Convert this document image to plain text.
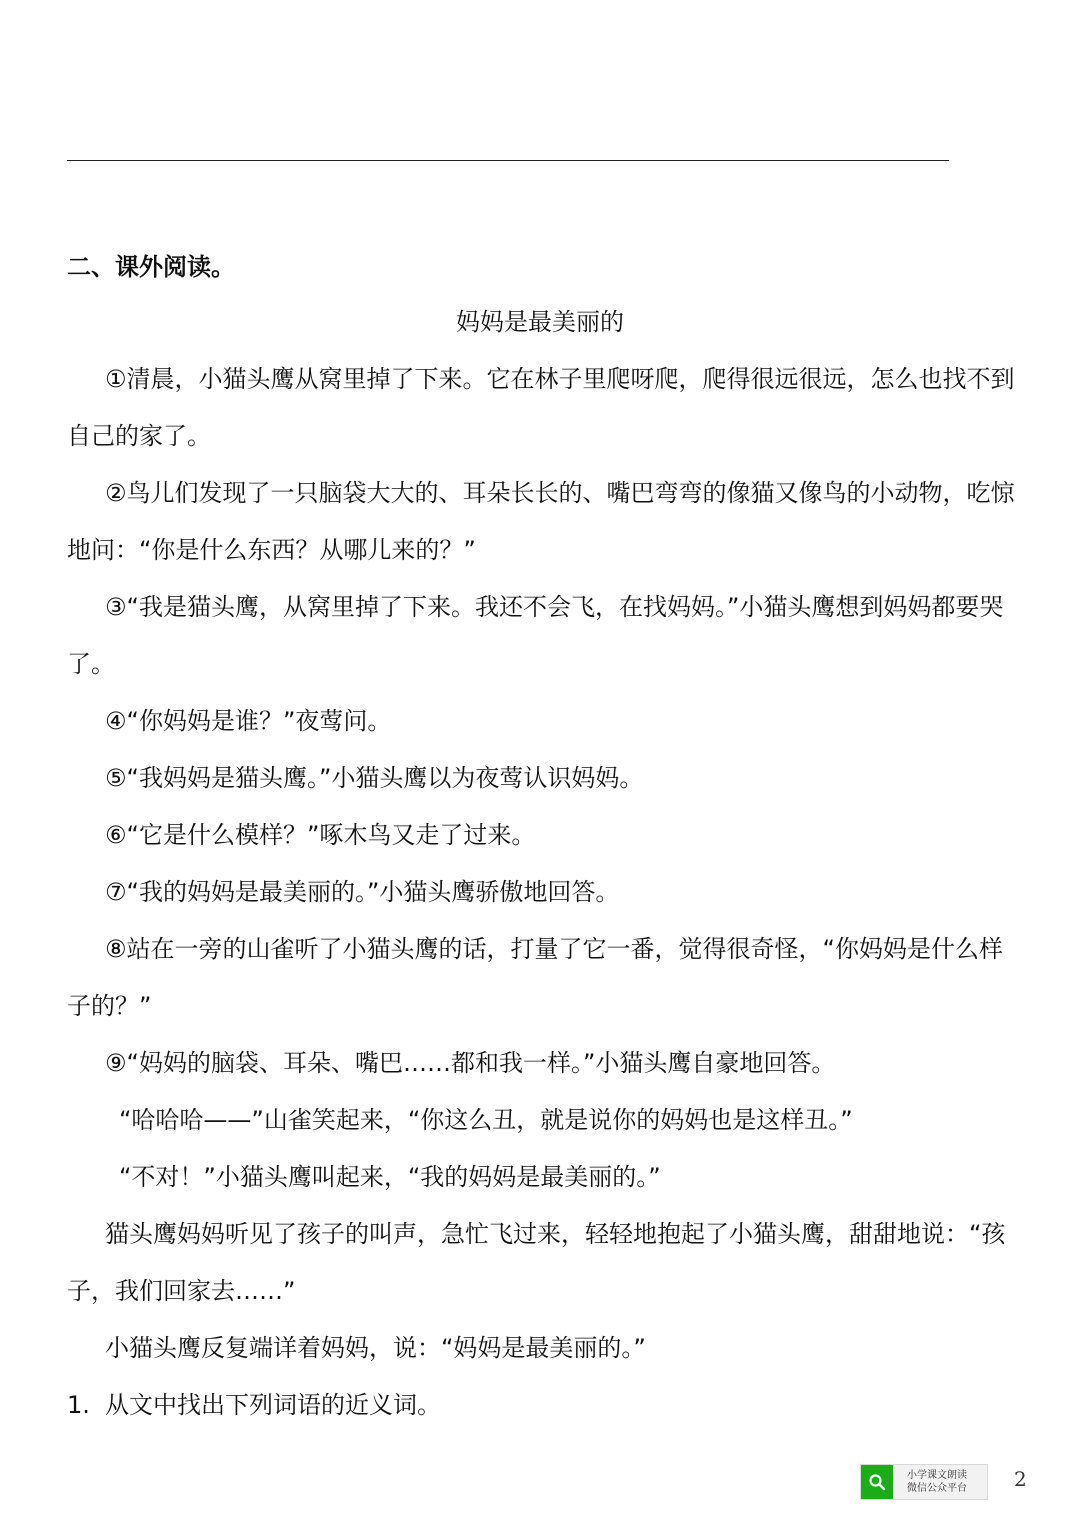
二、课外阅读。
妈妈是最美丽的

①清晨，小猫头鹰从窝里掉了下来。它在林子里爬呀爬，爬得很远很远，怎么也找不到自己的家了。

②鸟儿们发现了一只脑袋大大的、耳朵长长的、嘴巴弯弯的像猫又像鸟的小动物，吃惊地问：“你是什么东西？从哪儿来的？”

③“我是猫头鹰，从窝里掉了下来。我还不会飞，在找妈妈。”小猫头鹰想到妈妈都要哭了。

④“你妈妈是谁？”夜莺问。

⑤“我妈妈是猫头鹰。”小猫头鹰以为夜莺认识妈妈。

⑥“它是什么模样？”啄木鸟又走了过来。

⑦“我的妈妈是最美丽的。”小猫头鹰骄傲地回答。

⑧站在一旁的山雀听了小猫头鹰的话，打量了它一番，觉得很奇怪，“你妈妈是什么样子的？”

⑨“妈妈的脑袋、耳朵、嘴巴……都和我一样。”小猫头鹰自豪地回答。

“哈哈哈——”山雀笑起来，“你这么丑，就是说你的妈妈也是这样丑。”

“不对！”小猫头鹰叫起来，“我的妈妈是最美丽的。”

猫头鹰妈妈听见了孩子的叫声，急忙飞过来，轻轻地抱起了小猫头鹰，甜甜地说：“孩子，我们回家去……”

小猫头鹰反复端详着妈妈，说：“妈妈是最美丽的。”

1. 从文中找出下列词语的近义词。

小学课文朗读
微信公众平台 2
